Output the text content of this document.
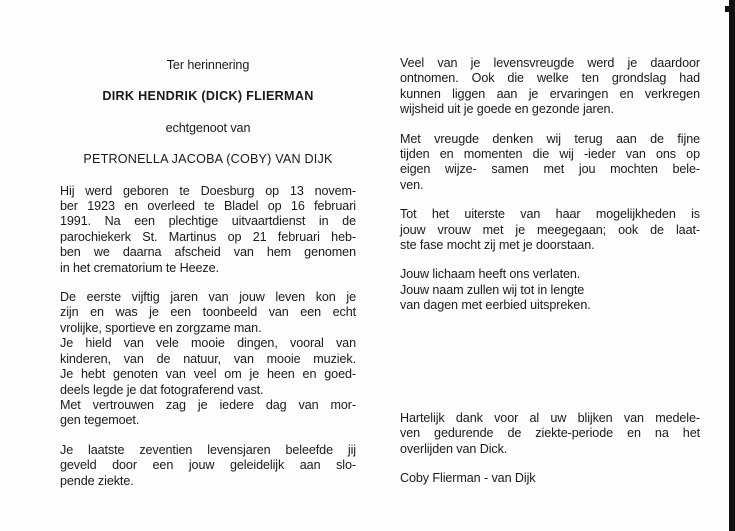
Ter herinnering

DIRK HENDRIK (DICK) FLIERMAN

echtgenoot van

PETRONELLA JACOBA (COBY) VAN DIJK

Hij werd geboren te Doesburg op 13 novem-
ber 1923 en overleed te Bladel op 16 februari
1991. Na een plechtige uitvaartdienst in de
parochiekerk St. Martinus op 21 februari heb-
ben we daarna afscheid van hem genomen
in het crematorium te Heeze.

De eerste vijftig jaren van jouw leven kon je
zijn en was je een toonbeeld van een echt
vrolijke, sportieve en zorgzame man.
Je hield van vele mooie dingen, vooral van
kinderen, van de natuur, van mooie muziek.
Je hebt genoten van veel om je heen en goed-
deels legde je dat fotograferend vast.
Met vertrouwen zag je iedere dag van mor-
gen tegemoet.

Je laatste zeventien levensjaren beleefde jij
geveld door een jouw geleidelijk aan slo-
pende ziekte.

Veel van je levensvreugde werd je daardoor
ontnomen. Ook die welke ten grondslag had
kunnen liggen aan je ervaringen en verkregen
wijsheid uit je goede en gezonde jaren.

Met vreugde denken wij terug aan de fijne
tijden en momenten die wij -ieder van ons op
eigen wijze- samen met jou mochten bele-
ven.

Tot het uiterste van haar mogelijkheden is
jouw vrouw met je meegegaan; ook de laat-
ste fase mocht zij met je doorstaan.

Jouw lichaam heeft ons verlaten.
Jouw naam zullen wij tot in lengte
van dagen met eerbied uitspreken.

Hartelijk dank voor al uw blijken van medele-
ven gedurende de ziekte-periode en na het
overlijden van Dick.

Coby Flierman - van Dijk
